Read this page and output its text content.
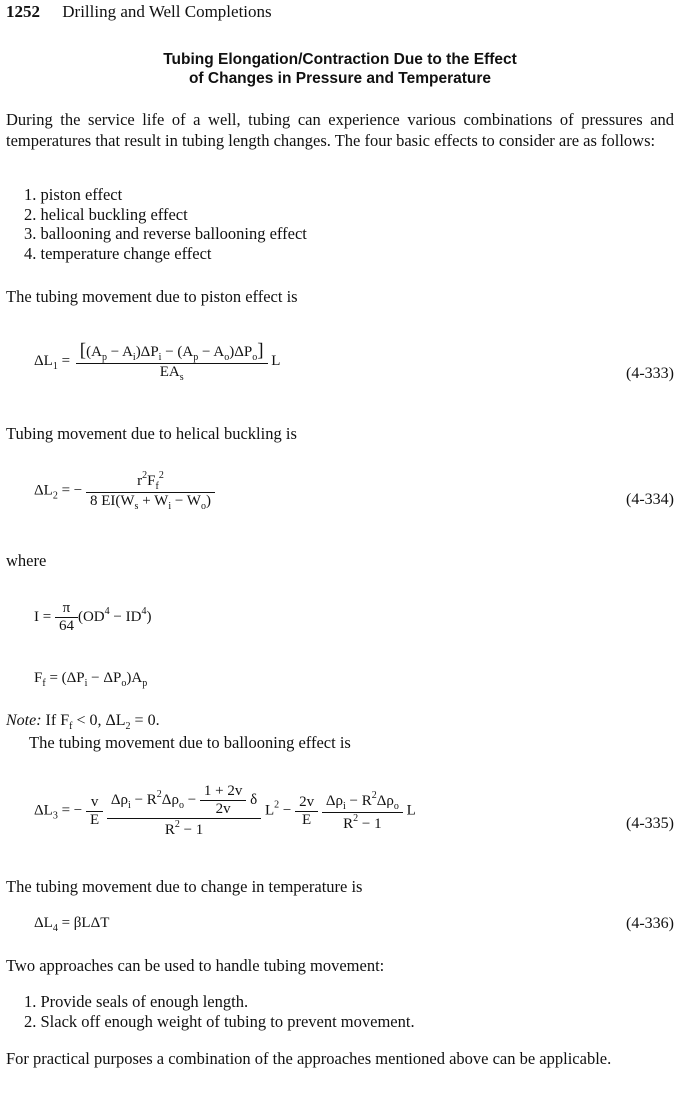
1252 Drilling and Well Completions
Tubing Elongation/Contraction Due to the Effect
of Changes in Pressure and Temperature
During the service life of a well, tubing can experience various combinations of pressures and temperatures that result in tubing length changes. The four basic effects to consider are as follows:
1. piston effect
2. helical buckling effect
3. ballooning and reverse ballooning effect
4. temperature change effect
The tubing movement due to piston effect is
$\Delta L_1 = \frac{[(A_p - A_i)\Delta P_i - (A_p - A_o)\Delta P_o]}{EA_s}$ L
(4-333)
Tubing movement due to helical buckling is
$\Delta L_2$ = − $\frac{r^2F_f^2}{8 EI(W_s + W_i - W_o)}$	(4-334)
where
$I = \frac{\pi}{64} (OD^4 - ID^4)$
$F_f = (\Delta P_i - \Delta P_o)A_p$
Note: If $F_f < 0$, $\Delta L_2 = 0$.
The tubing movement due to ballooning effect is
$\Delta L_3$ = − $\frac{v}{E}$
$\frac{\Delta\rho_i - R^2\Delta\rho_o - \frac{1 + 2v}{2v} \delta}{R^2 - 1} L^2 - \frac{2v}{E}$
$\frac{\Delta\rho_i - R^2\Delta\rho_o}{R^2 - 1}$ L
(4-335)
The tubing movement due to change in temperature is
$\Delta L_4 = \beta L\Delta T$	(4-336)
Two approaches can be used to handle tubing movement:
1. Provide seals of enough length.
2. Slack off enough weight of tubing to prevent movement.
For practical purposes a combination of the approaches mentioned above can be applicable.
